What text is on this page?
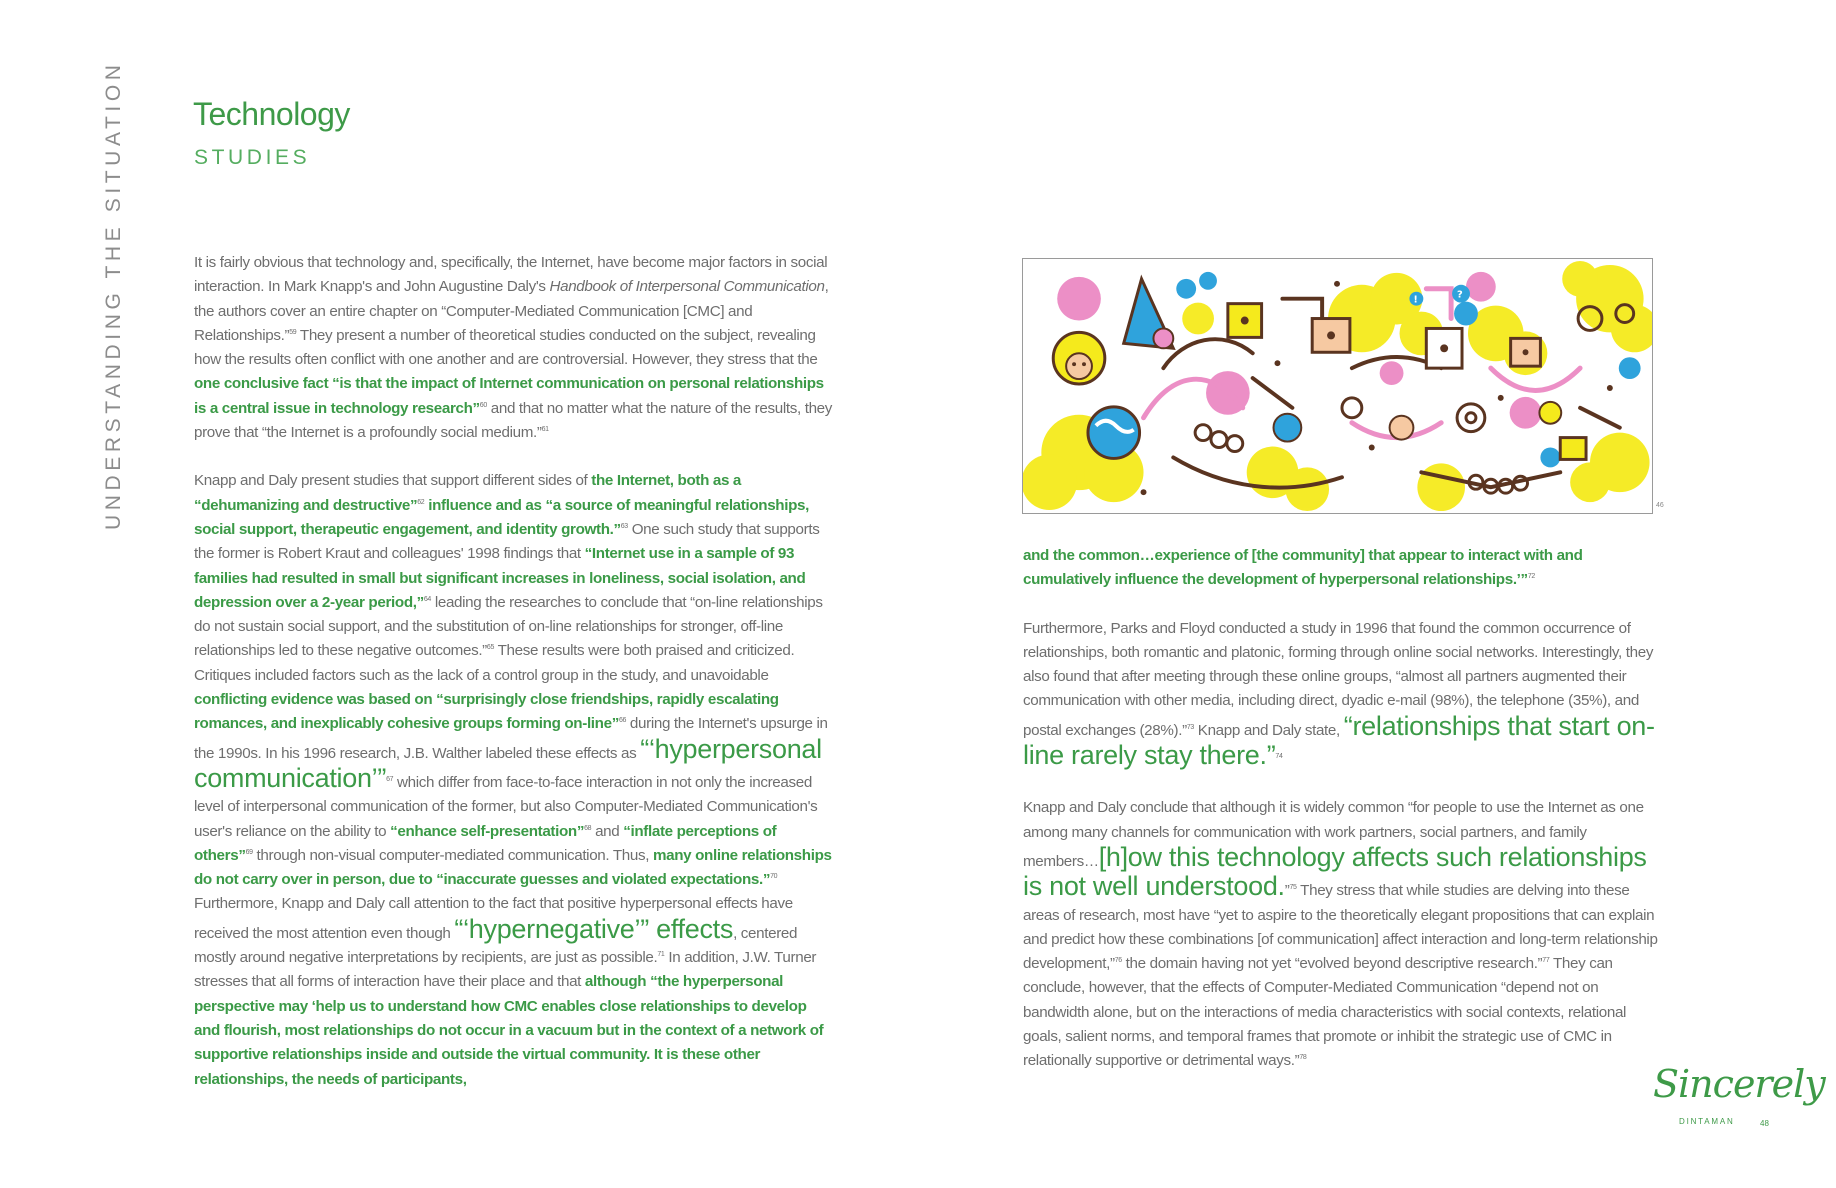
UNDERSTANDING THE SITUATION Technology
STUDIES

It is fairly obvious that technology and, specifically, the Internet, have become major factors in social interaction. In Mark Knapp's and John Augustine Daly's Handbook of Interpersonal Communication, the authors cover an entire chapter on “Computer-Mediated Communication [CMC] and Relationships.”$^{59}$ They present a number of theoretical studies conducted on the subject, revealing how the results often conflict with one another and are controversial. However, they stress that the one conclusive fact “is that the impact of Internet communication on personal relationships is a central issue in technology research”$^{60}$ and that no matter what the nature of the results, they prove that “the Internet is a profoundly social medium.”$^{61}$

Knapp and Daly present studies that support different sides of the Internet, both as a “dehumanizing and destructive”$^{62}$ influence and as “a source of meaningful relationships, social support, therapeutic engagement, and identity growth.”$^{63}$ One such study that supports the former is Robert Kraut and colleagues' 1998 findings that “Internet use in a sample of 93 families had resulted in small but significant increases in loneliness, social isolation, and depression over a 2-year period,”$^{64}$ leading the researches to conclude that “on-line relationships do not sustain social support, and the substitution of on-line relationships for stronger, off-line relationships led to these negative outcomes.”$^{65}$ These results were both praised and criticized. Critiques included factors such as the lack of a control group in the study, and unavoidable conflicting evidence was based on “surprisingly close friendships, rapidly escalating romances, and inexplicably cohesive groups forming on-line”$^{66}$ during the Internet's upsurge in the 1990s. In his 1996 research, J.B. Walther labeled these effects as “‘hyperpersonal communication’”$^{67}$ which differ from face-to-face interaction in not only the increased level of interpersonal communication of the former, but also Computer-Mediated Communication's user's reliance on the ability to “enhance self-presentation”$^{68}$ and “inflate perceptions of others”$^{69}$ through non-visual computer-mediated communication. Thus, many online relationships do not carry over in person, due to “inaccurate guesses and violated expectations.”$^{70}$ Furthermore, Knapp and Daly call attention to the fact that positive hyperpersonal effects have received the most attention even though “‘hypernegative’” effects, centered mostly around negative interpretations by recipients, are just as possible.$^{71}$ In addition, J.W. Turner stresses that all forms of interaction have their place and that although “the hyperpersonal perspective may ‘help us to understand how CMC enables close relationships to develop and flourish, most relationships do not occur in a vacuum but in the context of a network of supportive relationships inside and outside the virtual community. It is these other relationships, the needs of participants,

?
!
46

and the common…experience of [the community] that appear to interact with and cumulatively influence the development of hyperpersonal relationships.’”$^{72}$

Furthermore, Parks and Floyd conducted a study in 1996 that found the common occurrence of relationships, both romantic and platonic, forming through online social networks. Interestingly, they also found that after meeting through these online groups, “almost all partners augmented their communication with other media, including direct, dyadic e-mail (98%), the telephone (35%), and postal exchanges (28%).”$^{73}$ Knapp and Daly state, “relationships that start on-line rarely stay there.”$^{74}$

Knapp and Daly conclude that although it is widely common “for people to use the Internet as one among many channels for communication with work partners, social partners, and family members…[h]ow this technology affects such relationships is not well understood.”$^{75}$ They stress that while studies are delving into these areas of research, most have “yet to aspire to the theoretically elegant propositions that can explain and predict how these combinations [of communication] affect interaction and long-term relationship development,”$^{76}$ the domain having not yet “evolved beyond descriptive research.”$^{77}$ They can conclude, however, that the effects of Computer-Mediated Communication “depend not on bandwidth alone, but on the interactions of media characteristics with social contexts, relational goals, salient norms, and temporal frames that promote or inhibit the strategic use of CMC in relationally supportive or detrimental ways.”$^{78}$

Sincerely
DINTAMAN	48
